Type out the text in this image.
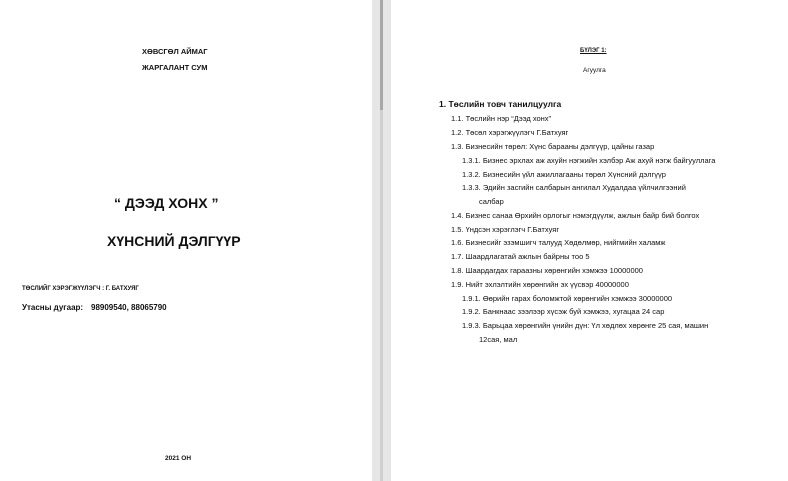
ХӨВСГӨЛ АЙМАГ
ЖАРГАЛАНТ СУМ
“ ДЭЭД ХОНХ ”
ХҮНСНИЙ ДЭЛГҮҮР
ТӨСЛИЙГ ХЭРЭГЖҮҮЛЭГЧ : Г. БАТХУЯГ
Утасны дугаар: 98909540, 88065790
2021 ОН
БҮЛЭГ 1:
Агуулга
1. Төслийн товч танилцуулга
1.1. Төслийн нэр “Дээд хонх”
1.2. Төсөл хэрэгжүүлэгч Г.Батхуяг
1.3. Бизнесийн төрөл: Хүнс барааны дэлгүүр, цайны газар
1.3.1. Бизнес эрхлах аж ахуйн нэгжийн хэлбэр Аж ахуй нэгж байгууллага
1.3.2. Бизнесийн үйл ажиллагааны төрөл Хүнсний дэлгүүр
1.3.3. Эдийн засгийн салбарын ангилал Худалдаа үйлчилгээний
салбар
1.4. Бизнес санаа Өрхийн орлогыг нэмэгдүүлж, ажлын байр бий болгох
1.5. Үндсэн хэрэглэгч Г.Батхуяг
1.6. Бизнесийг эзэмшигч талууд Хөдөлмөр, нийгмийн халамж
1.7. Шаардлагатай ажлын байрны тоо 5
1.8. Шаардагдах гараазны хөрөнгийн хэмжээ 10000000
1.9. Нийт эхлэлтийн хөрөнгийн эх үүсвэр 40000000
1.9.1. Өөрийн гарах боломжтой хөрөнгийн хэмжээ 30000000
1.9.2. Банкнаас зээлээр хүсэж буй хэмжээ, хугацаа 24 сар
1.9.3. Барьцаа хөрөнгийн үнийн дүн: Үл хөдлөх хөрөнге 25 сая, машин
12сая, мал
